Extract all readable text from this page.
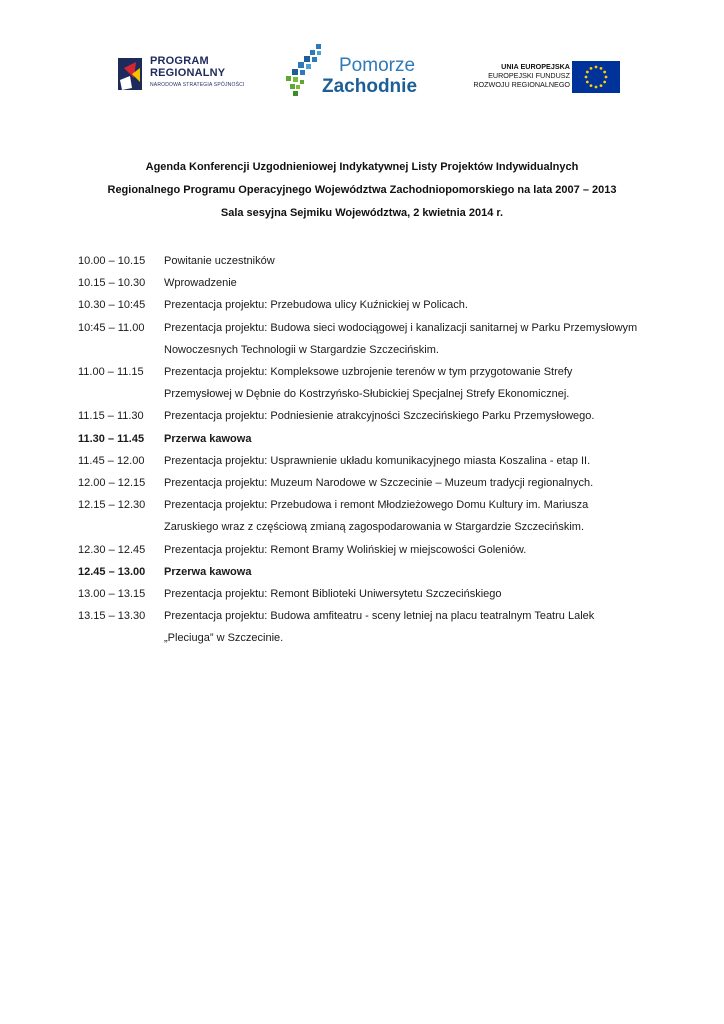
PROGRAM
REGIONALNY
NARODOWA STRATEGIA SPÓJNOŚCI
Pomorze
Zachodnie
UNIA EUROPEJSKA
EUROPEJSKI FUNDUSZ
ROZWOJU REGIONALNEGO
Agenda Konferencji Uzgodnieniowej Indykatywnej Listy Projektów Indywidualnych
Regionalnego Programu Operacyjnego Województwa Zachodniopomorskiego na lata 2007 – 2013
Sala sesyjna Sejmiku Województwa, 2 kwietnia 2014 r.
10.00 – 10.15	Powitanie uczestników
10.15 – 10.30	Wprowadzenie
10.30 – 10:45	Prezentacja projektu: Przebudowa ulicy Kuźnickiej w Policach.
10:45 – 11.00	Prezentacja projektu: Budowa sieci wodociągowej i kanalizacji sanitarnej w Parku Przemysłowym
Nowoczesnych Technologii w Stargardzie Szczecińskim.
11.00 – 11.15	Prezentacja projektu: Kompleksowe uzbrojenie terenów w tym przygotowanie Strefy
Przemysłowej w Dębnie do Kostrzyńsko-Słubickiej Specjalnej Strefy Ekonomicznej.
11.15 – 11.30	Prezentacja projektu: Podniesienie atrakcyjności Szczecińskiego Parku Przemysłowego.
11.30 – 11.45	Przerwa kawowa
11.45 – 12.00	Prezentacja projektu: Usprawnienie układu komunikacyjnego miasta Koszalina - etap II.
12.00 – 12.15	Prezentacja projektu: Muzeum Narodowe w Szczecinie – Muzeum tradycji regionalnych.
12.15 – 12.30	Prezentacja projektu: Przebudowa i remont Młodzieżowego Domu Kultury im. Mariusza
Zaruskiego wraz z częściową zmianą zagospodarowania w Stargardzie Szczecińskim.
12.30 – 12.45	Prezentacja projektu: Remont Bramy Wolińskiej w miejscowości Goleniów.
12.45 – 13.00	Przerwa kawowa
13.00 – 13.15	Prezentacja projektu: Remont Biblioteki Uniwersytetu Szczecińskiego
13.15 – 13.30	Prezentacja projektu: Budowa amfiteatru - sceny letniej na placu teatralnym Teatru Lalek
„Pleciuga” w Szczecinie.
